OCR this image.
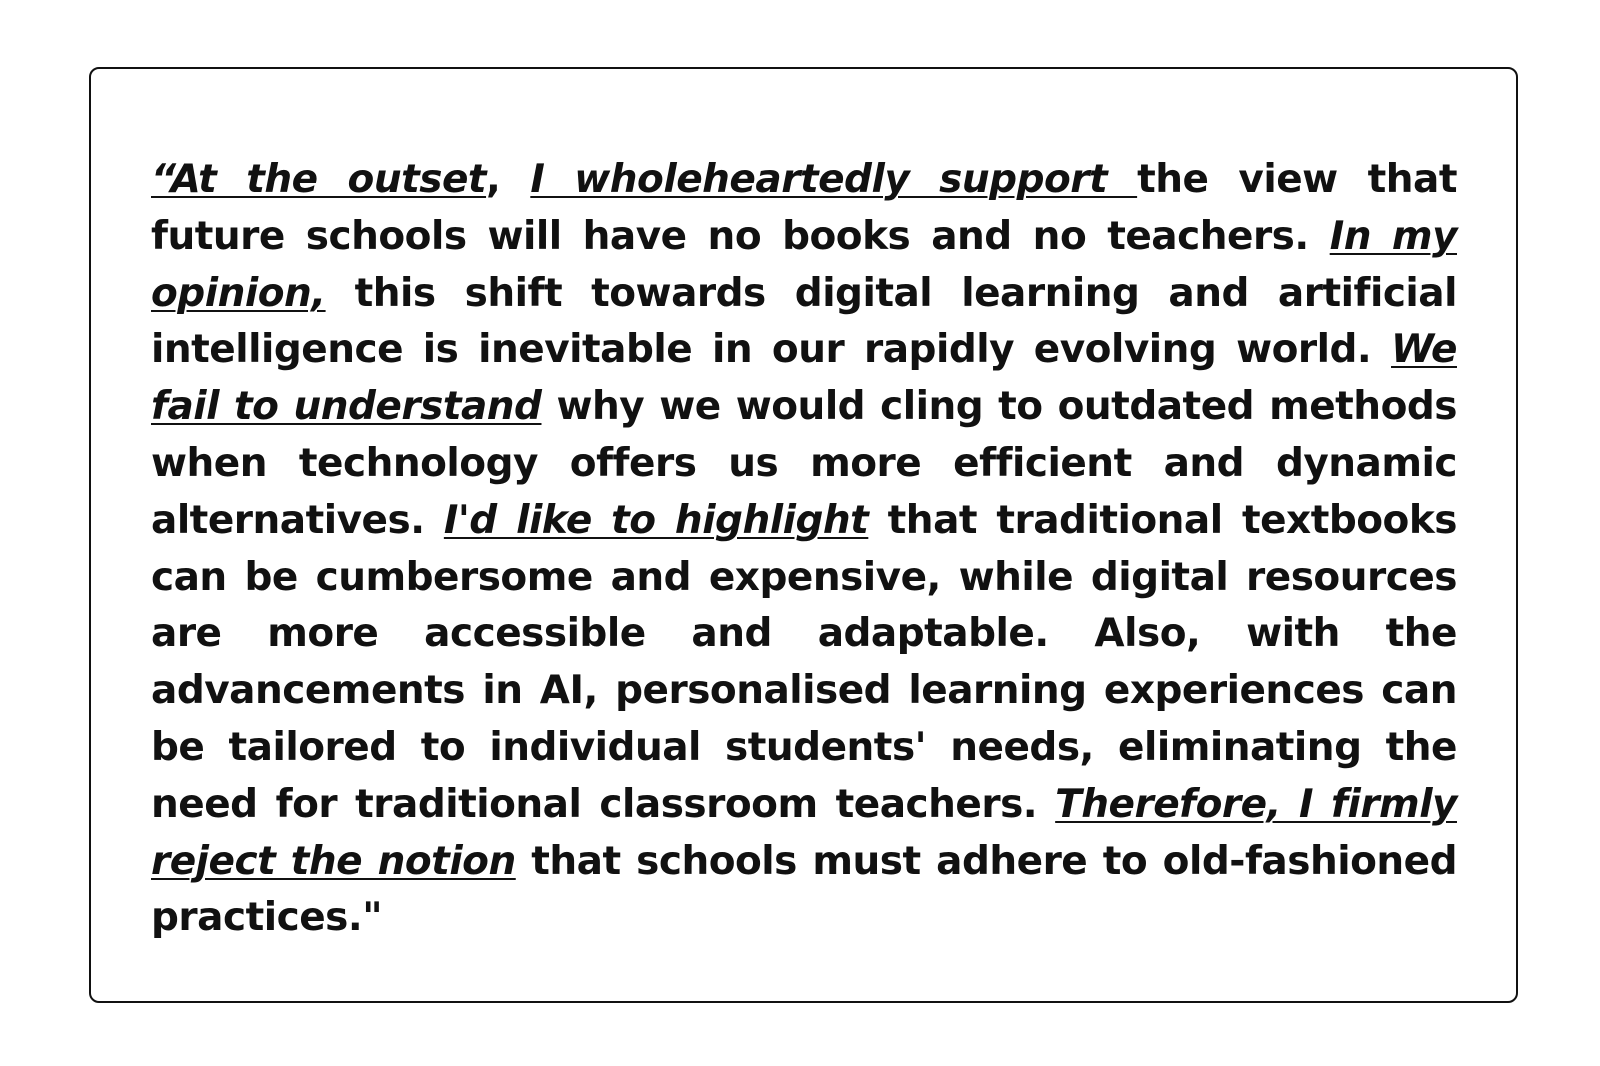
“At the outset, I wholeheartedly support the view that future schools will have no books and no teachers. In my opinion, this shift towards digital learning and artificial intelligence is inevitable in our rapidly evolving world. We fail to understand why we would cling to outdated methods when technology offers us more efficient and dynamic alternatives. I'd like to highlight that traditional textbooks can be cumbersome and expensive, while digital resources are more accessible and adaptable. Also, with the advancements in AI, personalised learning experiences can be tailored to individual students' needs, eliminating the need for traditional classroom teachers. Therefore, I firmly reject the notion that schools must adhere to old-fashioned practices."
